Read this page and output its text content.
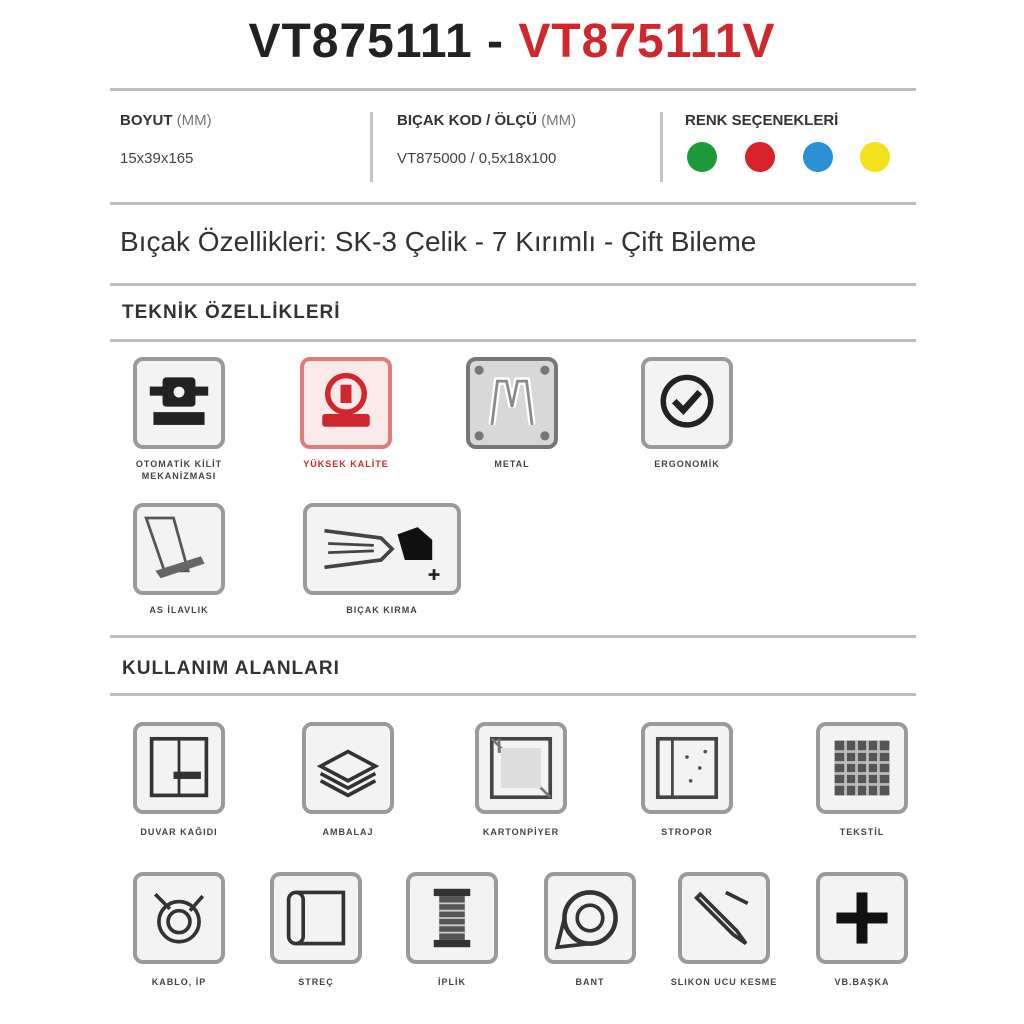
VT875111 - VT875111V
BOYUT (MM)
15x39x165
BIÇAK KOD / ÖLÇÜ (MM)
VT875000 / 0,5x18x100
RENK SEÇENEKLERİ
Bıçak Özellikleri: SK-3 Çelik - 7 Kırımlı - Çift Bileme
TEKNİK ÖZELLİKLERİ
OTOMATİK KİLİT MEKANİZMASI
YÜKSEK KALİTE	METAL	ERGONOMİK
AS İLAVLIK	BIÇAK KIRMA
KULLANIM ALANLARI
DUVAR KAĞIDI	AMBALAJ	KARTONPİYER	STROPOR	TEKSTİL
KABLO, İP	STREÇ	İPLİK	BANT	SLIKON UCU KESME	VB.BAŞKA
